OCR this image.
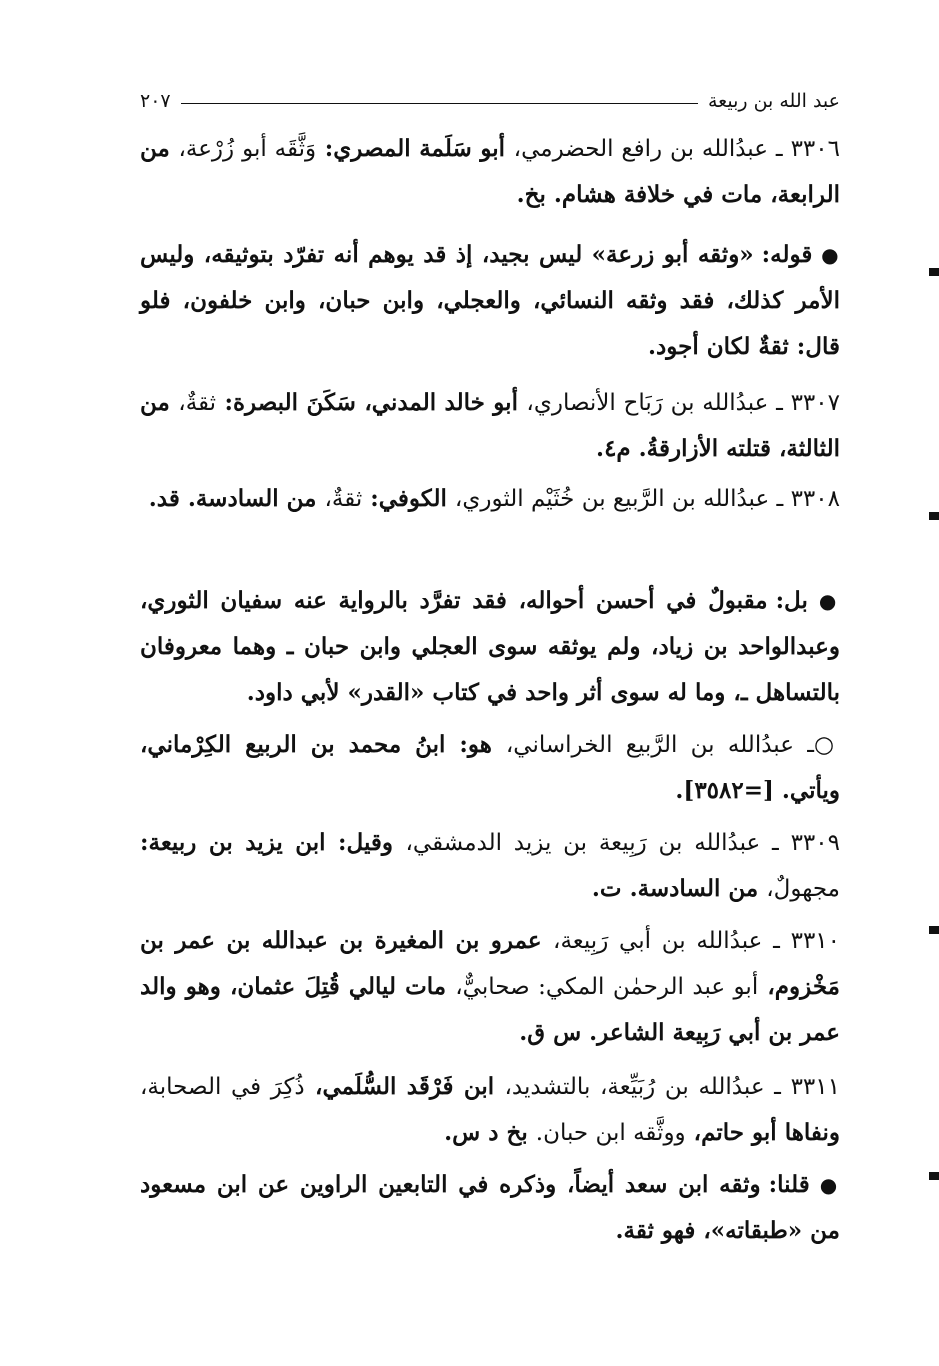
عبد الله بن ربيعة
٢٠٧

٣٣٠٦ ـ عبدُالله بن رافع الحضرمي، أبو سَلَمة المصري: وَثَّقَه أبو زُرْعة، من الرابعة، مات في خلافة هشام. بخ.

● قوله: «وثقه أبو زرعة» ليس بجيد، إذ قد يوهم أنه تفرّد بتوثيقه، وليس الأمر كذلك، فقد وثقه النسائي، والعجلي، وابن حبان، وابن خلفون، فلو قال: ثقةٌ لكان أجود.

٣٣٠٧ ـ عبدُالله بن رَبَاح الأنصاري، أبو خالد المدني، سَكَنَ البصرة: ثقةٌ، من الثالثة، قتلته الأزارقةُ. م٤.

٣٣٠٨ ـ عبدُالله بن الرَّبيع بن خُثَيْم الثوري، الكوفي: ثقةٌ، من السادسة. قد.

● بل: مقبولٌ في أحسن أحواله، فقد تفرَّد بالرواية عنه سفيان الثوري، وعبدالواحد بن زياد، ولم يوثقه سوى العجلي وابن حبان ـ وهما معروفان بالتساهل ـ، وما له سوى أثر واحد في كتاب «القدر» لأبي داود.

○ـ عبدُالله بن الرَّبيع الخراساني، هو: ابنُ محمد بن الربيع الكِرْماني، ويأتي. [=٣٥٨٢].

٣٣٠٩ ـ عبدُالله بن رَبِيعة بن يزيد الدمشقي، وقيل: ابن يزيد بن ربيعة: مجهولٌ، من السادسة. ت.

٣٣١٠ ـ عبدُالله بن أبي رَبِيعة، عمرو بن المغيرة بن عبدالله بن عمر بن مَخْزوم، أبو عبد الرحمٰن المكي: صحابيٌّ، مات ليالي قُتِلَ عثمان، وهو والد عمر بن أبي رَبِيعة الشاعر. س ق.

٣٣١١ ـ عبدُالله بن رُبَيِّعة، بالتشديد، ابن فَرْقَد السُّلَمي، ذُكِرَ في الصحابة، ونفاها أبو حاتم، ووثَّقه ابن حبان. بخ د س.

● قلنا: وثقه ابن سعد أيضاً، وذكره في التابعين الراوين عن ابن مسعود من «طبقاته»، فهو ثقة.
